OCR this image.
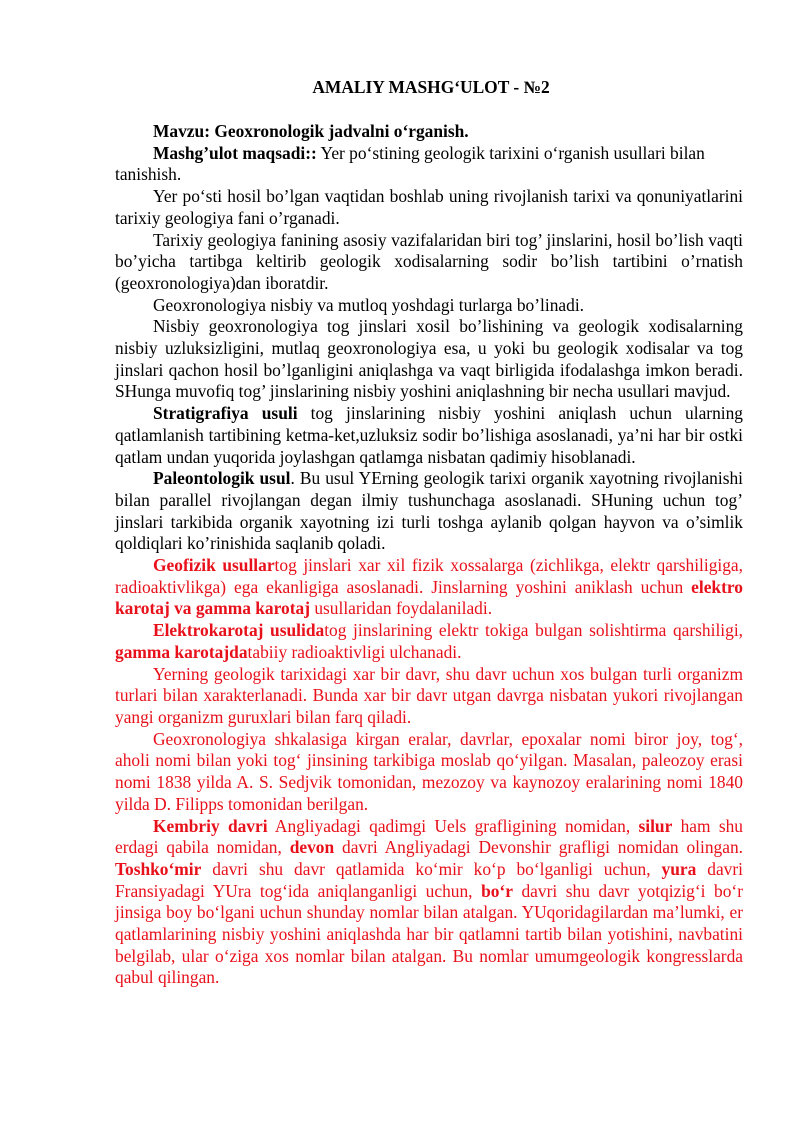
AMALIY MASHG‘ULOT - №2

Mavzu: Geoxronologik jadvalni o‘rganish.

Mashg’ulot maqsadi:: Yer po‘stining geologik tarixini o‘rganish usullari bilan tanishish.

Yer po‘sti hosil bo’lgan vaqtidan boshlab uning rivojlanish tarixi va qonuniyatlarini tarixiy geologiya fani o’rganadi.

Tarixiy geologiya fanining asosiy vazifalaridan biri tog’ jinslarini, hosil bo’lish vaqti bo’yicha tartibga keltirib geologik xodisalarning sodir bo’lish tartibini o’rnatish (geoxronologiya)dan iboratdir.

Geoxronologiya nisbiy va mutloq yoshdagi turlarga bo’linadi.

Nisbiy geoxronologiya tog jinslari xosil bo’lishining va geologik xodisalarning nisbiy uzluksizligini, mutlaq geoxronologiya esa, u yoki bu geologik xodisalar va tog jinslari qachon hosil bo’lganligini aniqlashga va vaqt birligida ifodalashga imkon beradi. SHunga muvofiq tog’ jinslarining nisbiy yoshini aniqlashning bir necha usullari mavjud.

Stratigrafiya usuli tog jinslarining nisbiy yoshini aniqlash uchun ularning qatlamlanish tartibining ketma-ket,uzluksiz sodir bo’lishiga asoslanadi, ya’ni har bir ostki qatlam undan yuqorida joylashgan qatlamga nisbatan qadimiy hisoblanadi.

Paleontologik usul. Bu usul YErning geologik tarixi organik xayotning rivojlanishi bilan parallel rivojlangan degan ilmiy tushunchaga asoslanadi. SHuning uchun tog’ jinslari tarkibida organik xayotning izi turli toshga aylanib qolgan hayvon va o’simlik qoldiqlari ko’rinishida saqlanib qoladi.

Geofizik usullartog jinslari xar xil fizik xossalarga (zichlikga, elektr qarshiligiga, radioaktivlikga) ega ekanligiga asoslanadi. Jinslarning yoshini aniklash uchun elektro karotaj va gamma karotaj usullaridan foydalaniladi.

Elektrokarotaj usulidatog jinslarining elektr tokiga bulgan solishtirma qarshiligi, gamma karotajdatabiiy radioaktivligi ulchanadi.

Yerning geologik tarixidagi xar bir davr, shu davr uchun xos bulgan turli organizm turlari bilan xarakterlanadi. Bunda xar bir davr utgan davrga nisbatan yukori rivojlangan yangi organizm guruxlari bilan farq qiladi.

Geoxronologiya shkalasiga kirgan eralar, davrlar, epoxalar nomi biror joy, tog‘, aholi nomi bilan yoki tog‘ jinsining tarkibiga moslab qo‘yilgan. Masalan, paleozoy erasi nomi 1838 yilda A. S. Sedjvik tomonidan, mezozoy va kaynozoy eralarining nomi 1840 yilda D. Filipps tomonidan berilgan.

Kembriy davri Angliyadagi qadimgi Uels grafligining nomidan, silur ham shu erdagi qabila nomidan, devon davri Angliyadagi Devonshir grafligi nomidan olingan. Toshko‘mir davri shu davr qatlamida ko‘mir ko‘p bo‘lganligi uchun, yura davri Fransiyadagi YUra tog‘ida aniqlanganligi uchun, bo‘r davri shu davr yotqizig‘i bo‘r jinsiga boy bo‘lgani uchun shunday nomlar bilan atalgan. YUqoridagilardan ma’lumki, er qatlamlarining nisbiy yoshini aniqlashda har bir qatlamni tartib bilan yotishini, navbatini belgilab, ular o‘ziga xos nomlar bilan atalgan. Bu nomlar umumgeologik kongresslarda qabul qilingan.
